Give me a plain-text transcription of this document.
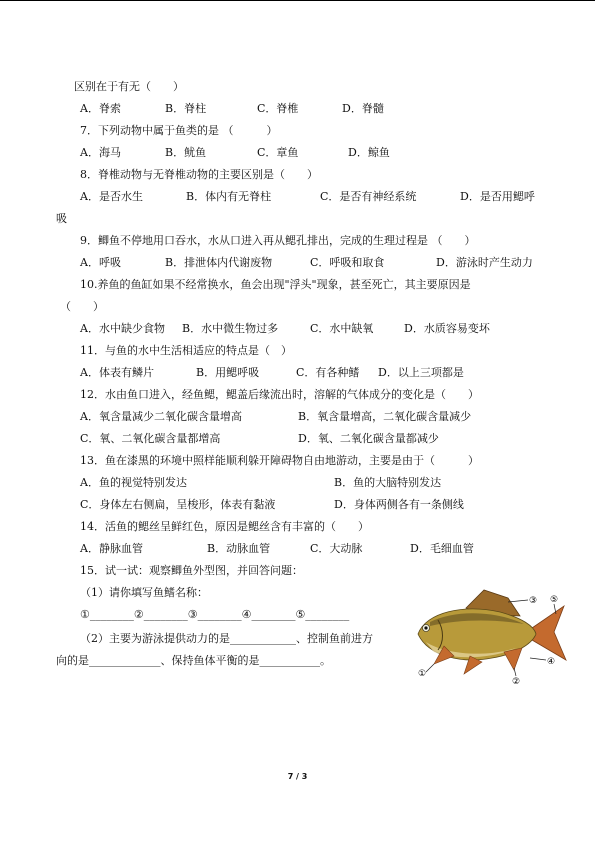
区别在于有无（　　）
A．脊索	B．脊柱	C．脊椎	D．脊髓
7．下列动物中属于鱼类的是 （　　　）
A．海马	B．鱿鱼	C．章鱼	D．鲸鱼
8．脊椎动物与无脊椎动物的主要区别是（　　）
A．是否水生	B．体内有无脊柱	C．是否有神经系统	D．是否用鳃呼
吸
9．鲫鱼不停地用口吞水，水从口进入再从鳃孔排出，完成的生理过程是 （　　）
A．呼吸	B．排泄体内代谢废物	C．呼吸和取食	D．游泳时产生动力
10.养鱼的鱼缸如果不经常换水，鱼会出现"浮头"现象，甚至死亡，其主要原因是
（　　）
A．水中缺少食物 B．水中微生物过多	C．水中缺氧	D．水质容易变坏
11．与鱼的水中生活相适应的特点是（　）
A．体表有鳞片	B．用鳃呼吸	C．有各种鳍 D．以上三项都是
12．水由鱼口进入，经鱼鳃，鳃盖后缘流出时，溶解的气体成分的变化是（　　）
A．氧含量减少二氧化碳含量增高	B．氧含量增高，二氧化碳含量减少
C．氧、二氧化碳含量都增高	D．氧、二氧化碳含量都减少
13．鱼在漆黑的环境中照样能顺利躲开障碍物自由地游动，主要是由于（　　　）
A．鱼的视觉特别发达	B．鱼的大脑特别发达
C．身体左右侧扁，呈梭形，体表有黏液	D．身体两侧各有一条侧线
14．活鱼的鳃丝呈鲜红色，原因是鳃丝含有丰富的（　　）
A．静脉血管	B．动脉血管	C．大动脉	D．毛细血管
15．试一试：观察鲫鱼外型图，并回答问题：
（1）请你填写鱼鳍名称：
①________②________③________④________⑤________
（2）主要为游泳提供动力的是____________、控制鱼前进方
向的是_____________、保持鱼体平衡的是___________。
①
②
③
④
⑤
7 / 3
